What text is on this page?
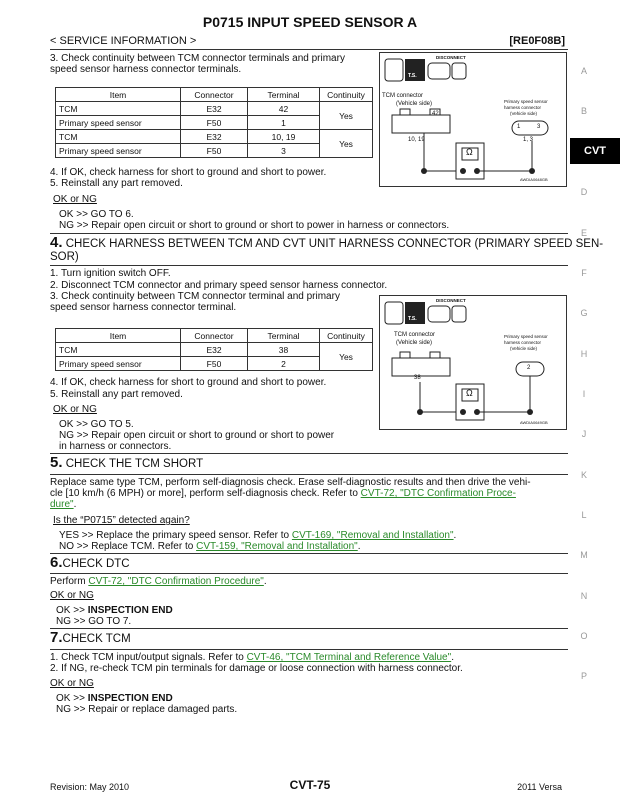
P0715 INPUT SPEED SENSOR A
< SERVICE INFORMATION >	[RE0F08B]
A
B
CVT
D
E
F
G
H
I
J
K
L
M
N
O
P
3. Check continuity between TCM connector terminals and primary
speed sensor harness connector terminals.
Item	Connector	Terminal	Continuity
TCM	E32	42	Yes
Primary speed sensor	F50	1	
TCM	E32	10, 19	Yes
Primary speed sensor	F50	3	
DISCONNECT
T.S.
TCM connector
(Vehicle side)	Primary speed sensor
harness connector
(Vehicle side)
42
10, 19
1	3
1, 3
Ω
AWDIA0648GB
4. If OK, check harness for short to ground and short to power.
5. Reinstall any part removed.
OK or NG
OK >> GO TO 6.
NG >> Repair open circuit or short to ground or short to power in harness or connectors.
4. CHECK HARNESS BETWEEN TCM AND CVT UNIT HARNESS CONNECTOR (PRIMARY SPEED SEN-
SOR)
1. Turn ignition switch OFF.
2. Disconnect TCM connector and primary speed sensor harness connector.
3. Check continuity between TCM connector terminal and primary
speed sensor harness connector terminal.
Item	Connector	Terminal	Continuity
TCM	E32	38	Yes
Primary speed sensor	F50	2	
DISCONNECT
T.S.
TCM connector
(Vehicle side)
Primary speed sensor
harness connector
(Vehicle side)
38
2
Ω
AWDIA0649GB
4. If OK, check harness for short to ground and short to power.
5. Reinstall any part removed.
OK or NG
OK >> GO TO 5.
NG >> Repair open circuit or short to ground or short to power
in harness or connectors.
5. CHECK THE TCM SHORT
Replace same type TCM, perform self-diagnosis check. Erase self-diagnostic results and then drive the vehi-
cle [10 km/h (6 MPH) or more], perform self-diagnosis check. Refer to CVT-72, "DTC Confirmation Proce-
dure".
Is the “P0715” detected again?
YES >> Replace the primary speed sensor. Refer to CVT-169, "Removal and Installation".
NO >> Replace TCM. Refer to CVT-159, "Removal and Installation".
6.CHECK DTC
Perform CVT-72, "DTC Confirmation Procedure".
OK or NG
OK >> INSPECTION END
NG >> GO TO 7.
7.CHECK TCM
1. Check TCM input/output signals. Refer to CVT-46, "TCM Terminal and Reference Value".
2. If NG, re-check TCM pin terminals for damage or loose connection with harness connector.
OK or NG
OK >> INSPECTION END
NG >> Repair or replace damaged parts.
Revision: May 2010	CVT-75	2011 Versa
